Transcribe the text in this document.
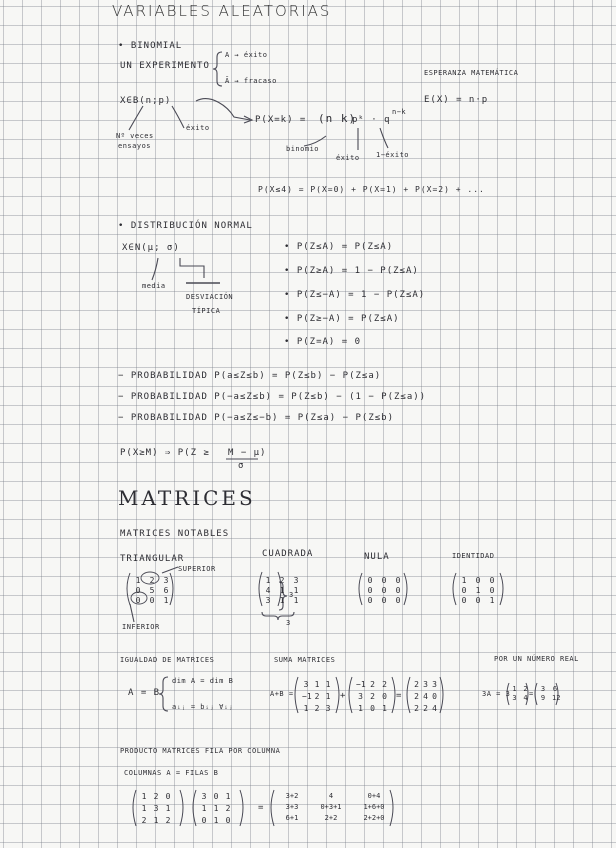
VARIABLES ALEATORIAS
• BINOMIAL
UN EXPERIMENTO
A → éxito
Ā → fracaso
X∈B(n;p)
Nº veces
ensayos
éxito
P(X=k) = (n k)
pᵏ · q
n−k
binomio
éxito 1−éxito
ESPERANZA MATEMÁTICA
E(X) = n·p
P(X≤4) = P(X=0) + P(X=1) + P(X=2) + ...
• DISTRIBUCIÓN NORMAL
X∈N(μ; σ)
media
DESVIACIÓN
TÍPICA
• P(Z≤A) = P(Z≤A)
• P(Z≥A) = 1 − P(Z≤A)
• P(Z≤−A) = 1 − P(Z≤A)
• P(Z≥−A) = P(Z≤A)
• P(Z=A) = 0
− PROBABILIDAD P(a≤Z≤b) = P(Z≤b) − P(Z≤a)
− PROBABILIDAD P(−a≤Z≤b) = P(Z≤b) − (1 − P(Z≤a))
− PROBABILIDAD P(−a≤Z≤−b) = P(Z≤a) − P(Z≤b)
P(X≥M) ⇒ P(Z ≥ M − μ
σ
)
MATRICES
MATRICES NOTABLES
TRIANGULAR
SUPERIOR
INFERIOR
1 2 3
0 5 6
0 0 1
CUADRADA
1 2 3
4 1 1
3 1 1
3
3
NULA
0 0 0
0 0 0
0 0 0
IDENTIDAD
1 0 0
0 1 0
0 0 1
IGUALDAD DE MATRICES
A = B
dim A = dim B
aᵢⱼ = bᵢⱼ ∀ᵢⱼ
SUMA MATRICES
A+B =
3 1 1
−1 2 1
1 2 3
+
−1 2 2
3 2 0
1 0 1
=
2 3 3
2 4 0
2 2 4
POR UN NÚMERO REAL
3A = 3
1 2
3 4 =
3 6
9 12
PRODUCTO MATRICES FILA POR COLUMNA
COLUMNAS A = FILAS B
1 2 0
1 3 1
2 1 2
3 0 1
1 1 2
0 1 0
=
3+2	4	0+4
3+3	0+3+1	1+6+0
6+1	2+2	2+2+0
